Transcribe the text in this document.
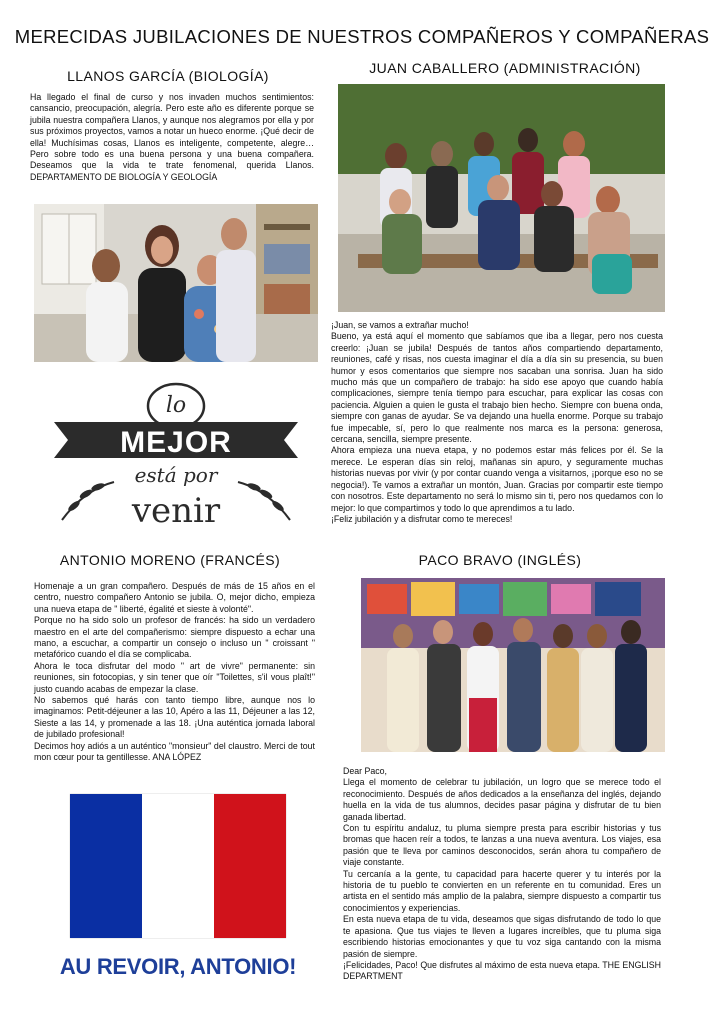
MERECIDAS JUBILACIONES DE NUESTROS COMPAÑEROS Y COMPAÑERAS
LLANOS GARCÍA (BIOLOGÍA)
Ha llegado el final de curso y nos invaden muchos sentimientos: cansancio, preocupación, alegría. Pero este año es diferente porque se jubila nuestra compañera Llanos, y aunque nos alegramos por ella y por sus próximos proyectos, vamos a notar un hueco enorme. ¡Qué decir de ella! Muchísimas cosas, Llanos es inteligente, competente, alegre… Pero sobre todo es una buena persona y una buena compañera. Deseamos que la vida te trate fenomenal, querida Llanos. DEPARTAMENTO DE BIOLOGÍA Y GEOLOGÍA
lo
MEJOR
está por
venir
JUAN CABALLERO (ADMINISTRACIÓN)

¡Juan, se vamos a extrañar mucho!

Bueno, ya está aquí el momento que sabíamos que iba a llegar, pero nos cuesta creerlo: ¡Juan se jubila! Después de tantos años compartiendo departamento, reuniones, café y risas, nos cuesta imaginar el día a día sin su presencia, su buen humor y esos comentarios que siempre nos sacaban una sonrisa. Juan ha sido mucho más que un compañero de trabajo: ha sido ese apoyo que cuando había complicaciones, siempre tenía tiempo para escuchar, para explicar las cosas con paciencia. Alguien a quien le gusta el trabajo bien hecho. Siempre con buena onda, siempre con ganas de ayudar. Se va dejando una huella enorme. Porque su trabajo fue impecable, sí, pero lo que realmente nos marca es la persona: generosa, cercana, sencilla, siempre presente.

Ahora empieza una nueva etapa, y no podemos estar más felices por él. Se la merece. Le esperan días sin reloj, mañanas sin apuro, y seguramente muchas historias nuevas por vivir (y por contar cuando venga a visitarnos, ¡porque eso no se negocia!). Te vamos a extrañar un montón, Juan. Gracias por compartir este tiempo con nosotros. Este departamento no será lo mismo sin ti, pero nos quedamos con lo mejor: lo que compartimos y todo lo que aprendimos a tu lado.

¡Feliz jubilación y a disfrutar como te mereces!

ANTONIO MORENO (FRANCÉS)

Homenaje a un gran compañero. Después de más de 15 años en el centro, nuestro compañero Antonio se jubila. O, mejor dicho, empieza una nueva etapa de " liberté, égalité et sieste à volonté".

Porque no ha sido solo un profesor de francés: ha sido un verdadero maestro en el arte del compañerismo: siempre dispuesto a echar una mano, a escuchar, a compartir un consejo o incluso un " croissant " metafórico cuando el día se complicaba.

Ahora le toca disfrutar del modo " art de vivre" permanente: sin reuniones, sin fotocopias, y sin tener que oír "Toilettes, s'il vous plaît!" justo cuando acabas de empezar la clase.

No sabemos qué harás con tanto tiempo libre, aunque nos lo imaginamos: Petit-déjeuner a las 10, Apéro a las 11, Déjeuner a las 12, Sieste a las 14, y promenade a las 18. ¡Una auténtica jornada laboral de jubilado profesional!

Decimos hoy adiós a un auténtico "monsieur" del claustro. Merci de tout mon cœur pour ta gentillesse. ANA LÓPEZ

AU REVOIR, ANTONIO!
PACO BRAVO (INGLÉS)

Dear Paco,

Llega el momento de celebrar tu jubilación, un logro que se merece todo el reconocimiento. Después de años dedicados a la enseñanza del inglés, dejando huella en la vida de tus alumnos, decides pasar página y disfrutar de tu bien ganada libertad.

Con tu espíritu andaluz, tu pluma siempre presta para escribir historias y tus bromas que hacen reír a todos, te lanzas a una nueva aventura. Los viajes, esa pasión que te lleva por caminos desconocidos, serán ahora tu compañero de viaje constante.

Tu cercanía a la gente, tu capacidad para hacerte querer y tu interés por la historia de tu pueblo te convierten en un referente en tu comunidad. Eres un artista en el sentido más amplio de la palabra, siempre dispuesto a compartir tus conocimientos y experiencias.

En esta nueva etapa de tu vida, deseamos que sigas disfrutando de todo lo que te apasiona. Que tus viajes te lleven a lugares increíbles, que tu pluma siga escribiendo historias emocionantes y que tu voz siga cantando con la misma pasión de siempre.

¡Felicidades, Paco! Que disfrutes al máximo de esta nueva etapa. THE ENGLISH DEPARTMENT
